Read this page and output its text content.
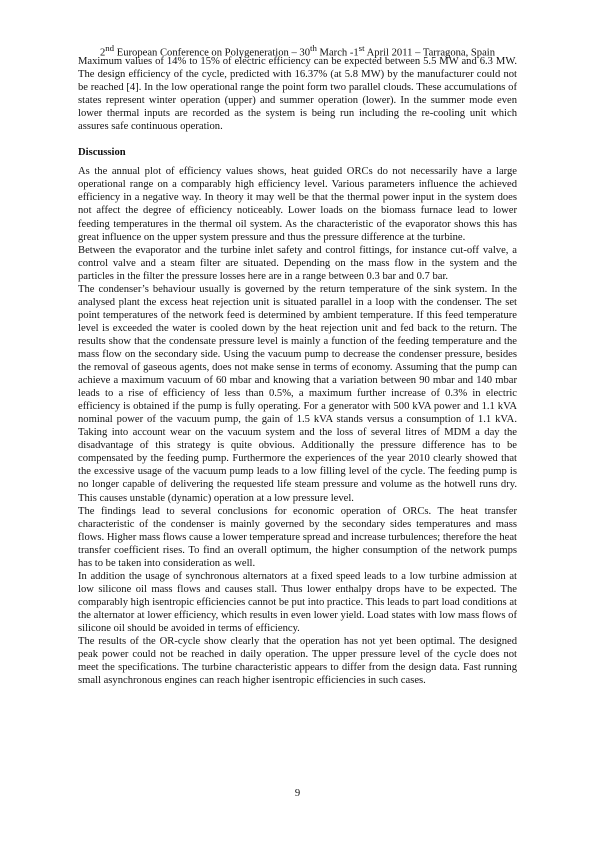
2nd European Conference on Polygeneration – 30th March -1st April 2011 – Tarragona, Spain

Maximum values of 14% to 15% of electric efficiency can be expected between 5.5 MW and 6.3 MW. The design efficiency of the cycle, predicted with 16.37% (at 5.8 MW) by the manufacturer could not be reached [4]. In the low operational range the point form two parallel clouds. These accumulations of states represent winter operation (upper) and summer operation (lower). In the summer mode even lower thermal inputs are recorded as the system is being run including the re-cooling unit which assures safe continuous operation.

Discussion

As the annual plot of efficiency values shows, heat guided ORCs do not necessarily have a large operational range on a comparably high efficiency level. Various parameters influence the achieved efficiency in a negative way. In theory it may well be that the thermal power input in the system does not affect the degree of efficiency noticeably. Lower loads on the biomass furnace lead to lower feeding temperatures in the thermal oil system. As the characteristic of the evaporator shows this has great influence on the upper system pressure and thus the pressure difference at the turbine.

Between the evaporator and the turbine inlet safety and control fittings, for instance cut-off valve, a control valve and a steam filter are situated. Depending on the mass flow in the system and the particles in the filter the pressure losses here are in a range between 0.3 bar and 0.7 bar.

The condenser’s behaviour usually is governed by the return temperature of the sink system. In the analysed plant the excess heat rejection unit is situated parallel in a loop with the condenser. The set point temperatures of the network feed is determined by ambient temperature. If this feed temperature level is exceeded the water is cooled down by the heat rejection unit and fed back to the return. The results show that the condensate pressure level is mainly a function of the feeding temperature and the mass flow on the secondary side. Using the vacuum pump to decrease the condenser pressure, besides the removal of gaseous agents, does not make sense in terms of economy. Assuming that the pump can achieve a maximum vacuum of 60 mbar and knowing that a variation between 90 mbar and 140 mbar leads to a rise of efficiency of less than 0.5%, a maximum further increase of 0.3% in electric efficiency is obtained if the pump is fully operating. For a generator with 500 kVA power and 1.1 kVA nominal power of the vacuum pump, the gain of 1.5 kVA stands versus a consumption of 1.1 kVA. Taking into account wear on the vacuum system and the loss of several litres of MDM a day the disadvantage of this strategy is quite obvious. Additionally the pressure difference has to be compensated by the feeding pump. Furthermore the experiences of the year 2010 clearly showed that the excessive usage of the vacuum pump leads to a low filling level of the cycle. The feeding pump is no longer capable of delivering the requested life steam pressure and volume as the hotwell runs dry. This causes unstable (dynamic) operation at a low pressure level.

The findings lead to several conclusions for economic operation of ORCs. The heat transfer characteristic of the condenser is mainly governed by the secondary sides temperatures and mass flows. Higher mass flows cause a lower temperature spread and increase turbulences; therefore the heat transfer coefficient rises. To find an overall optimum, the higher consumption of the network pumps has to be taken into consideration as well.

In addition the usage of synchronous alternators at a fixed speed leads to a low turbine admission at low silicone oil mass flows and causes stall. Thus lower enthalpy drops have to be expected. The comparably high isentropic efficiencies cannot be put into practice. This leads to part load conditions at the alternator at lower efficiency, which results in even lower yield. Load states with low mass flows of silicone oil should be avoided in terms of efficiency.

The results of the OR-cycle show clearly that the operation has not yet been optimal. The designed peak power could not be reached in daily operation. The upper pressure level of the cycle does not meet the specifications. The turbine characteristic appears to differ from the design data. Fast running small asynchronous engines can reach higher isentropic efficiencies in such cases.

9
